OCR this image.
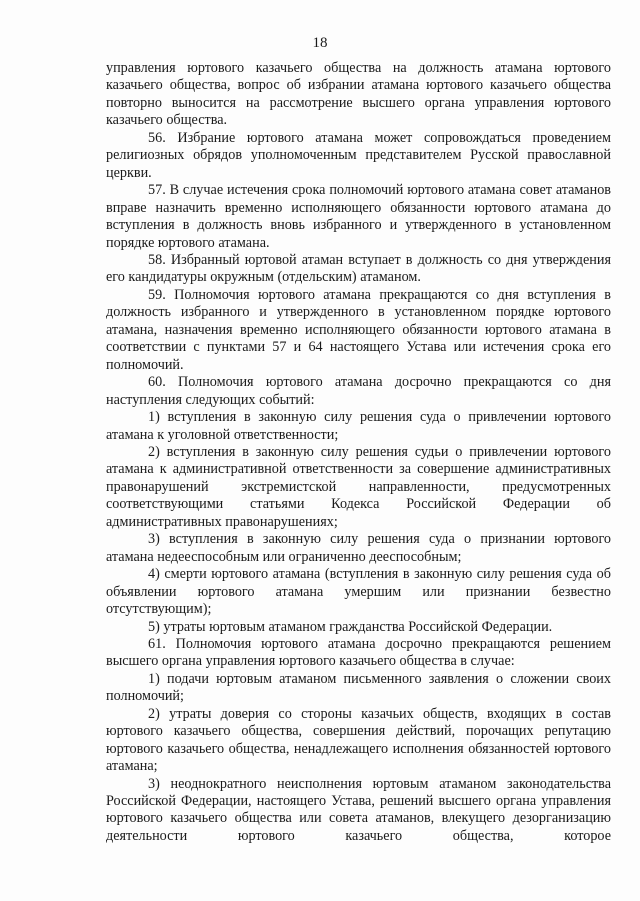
18

управления юртового казачьего общества на должность атамана юртового казачьего общества, вопрос об избрании атамана юртового казачьего общества повторно выносится на рассмотрение высшего органа управления юртового казачьего общества.

56. Избрание юртового атамана может сопровождаться проведением религиозных обрядов уполномоченным представителем Русской православной церкви.

57. В случае истечения срока полномочий юртового атамана совет атаманов вправе назначить временно исполняющего обязанности юртового атамана до вступления в должность вновь избранного и утвержденного в установленном порядке юртового атамана.

58. Избранный юртовой атаман вступает в должность со дня утверждения его кандидатуры окружным (отдельским) атаманом.

59. Полномочия юртового атамана прекращаются со дня вступления в должность избранного и утвержденного в установленном порядке юртового атамана, назначения временно исполняющего обязанности юртового атамана в соответствии с пунктами 57 и 64 настоящего Устава или истечения срока его полномочий.

60. Полномочия юртового атамана досрочно прекращаются со дня наступления следующих событий:

1) вступления в законную силу решения суда о привлечении юртового атамана к уголовной ответственности;

2) вступления в законную силу решения судьи о привлечении юртового атамана к административной ответственности за совершение административных правонарушений экстремистской направленности, предусмотренных соответствующими статьями Кодекса Российской Федерации об административных правонарушениях;

3) вступления в законную силу решения суда о признании юртового атамана недееспособным или ограниченно дееспособным;

4) смерти юртового атамана (вступления в законную силу решения суда об объявлении юртового атамана умершим или признании безвестно отсутствующим);

5) утраты юртовым атаманом гражданства Российской Федерации.

61. Полномочия юртового атамана досрочно прекращаются решением высшего органа управления юртового казачьего общества в случае:

1) подачи юртовым атаманом письменного заявления о сложении своих полномочий;

2) утраты доверия со стороны казачьих обществ, входящих в состав юртового казачьего общества, совершения действий, порочащих репутацию юртового казачьего общества, ненадлежащего исполнения обязанностей юртового атамана;

3) неоднократного неисполнения юртовым атаманом законодательства Российской Федерации, настоящего Устава, решений высшего органа управления юртового казачьего общества или совета атаманов, влекущего дезорганизацию деятельности юртового казачьего общества, которое
